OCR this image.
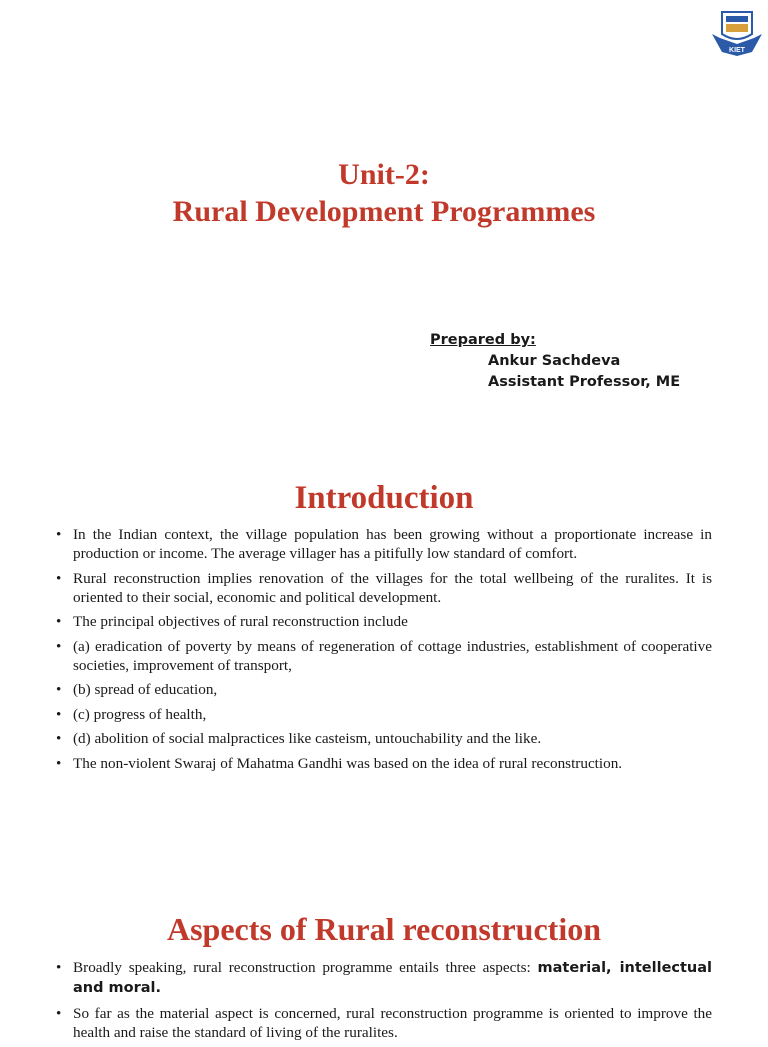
KIET
Unit-2:
Rural Development Programmes
Prepared by:
Ankur Sachdeva
Assistant Professor, ME
Introduction
• In the Indian context, the village population has been growing without a proportionate increase in production or income. The average villager has a pitifully low standard of comfort.
• Rural reconstruction implies renovation of the villages for the total wellbeing of the ruralites. It is oriented to their social, economic and political development.
• The principal objectives of rural reconstruction include
• (a) eradication of poverty by means of regeneration of cottage industries, establishment of cooperative societies, improvement of transport,
• (b) spread of education,
• (c) progress of health,
• (d) abolition of social malpractices like casteism, untouchability and the like.
• The non-violent Swaraj of Mahatma Gandhi was based on the idea of rural reconstruction.
Aspects of Rural reconstruction
• Broadly speaking, rural reconstruction programme entails three aspects: material, intellectual and moral.
• So far as the material aspect is concerned, rural reconstruction programme is oriented to improve the health and raise the standard of living of the ruralites.
